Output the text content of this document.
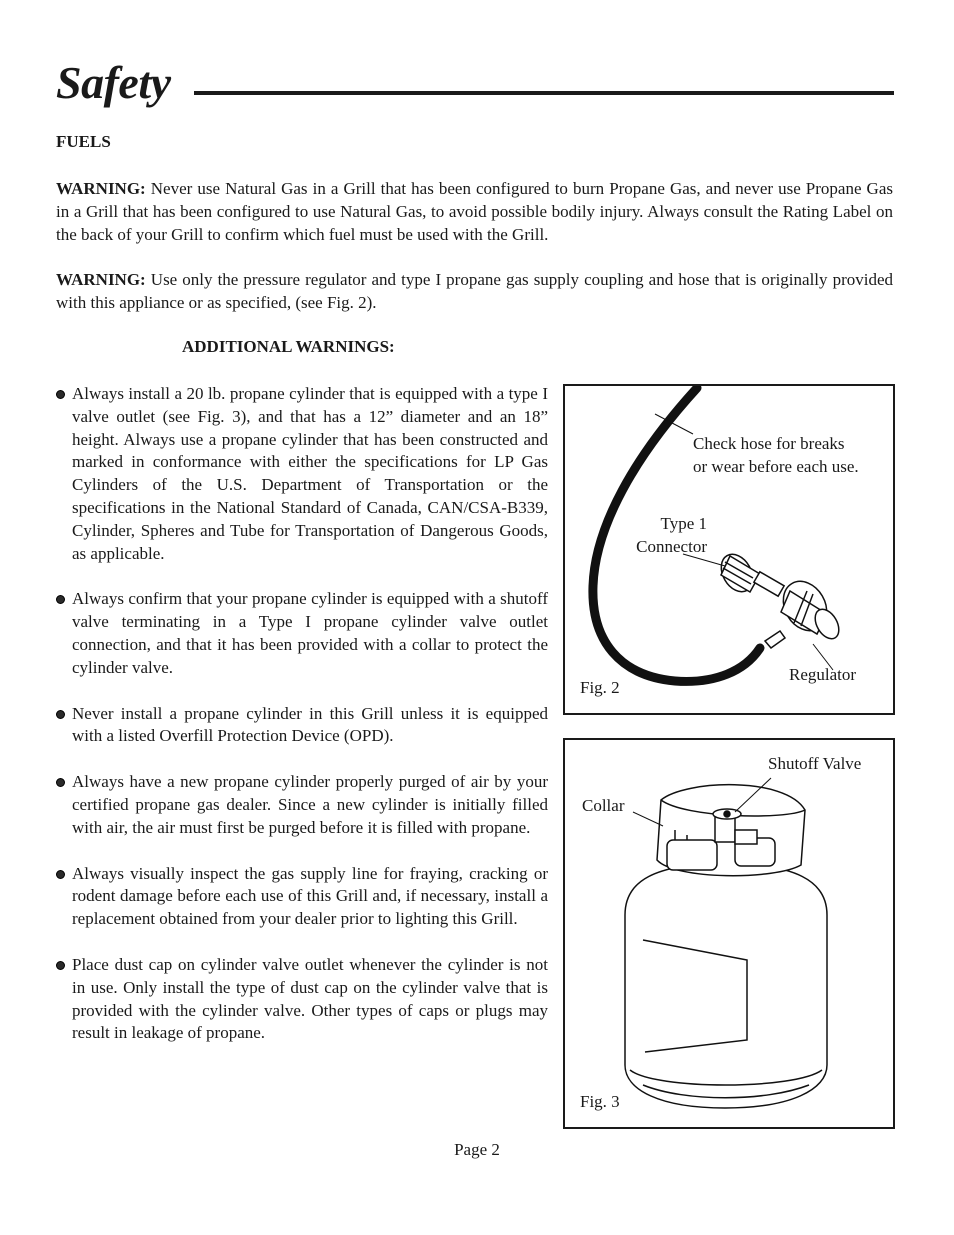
Safety
FUELS

WARNING: Never use Natural Gas in a Grill that has been configured to burn Propane Gas, and never use Propane Gas in a Grill that has been configured to use Natural Gas, to avoid possible bodily injury. Always consult the Rating Label on the back of your Grill to confirm which fuel must be used with the Grill.

WARNING: Use only the pressure regulator and type I propane gas supply coupling and hose that is originally provided with this appliance or as specified, (see Fig. 2).

ADDITIONAL WARNINGS:
Always install a 20 lb. propane cylinder that is equipped with a type I valve outlet (see Fig. 3), and that has a 12” diameter and an 18” height. Always use a propane cylinder that has been constructed and marked in conformance with either the specifications for LP Gas Cylinders of the U.S. Department of Transportation or the specifications in the National Standard of Canada, CAN/CSA-B339, Cylinder, Spheres and Tube for Transportation of Dangerous Goods, as applicable.
Always confirm that your propane cylinder is equipped with a shutoff valve terminating in a Type I propane cylinder valve outlet connection, and that it has been provided with a collar to protect the cylinder valve.
Never install a propane cylinder in this Grill unless it is equipped with a listed Overfill Protection Device (OPD).
Always have a new propane cylinder properly purged of air by your certified propane gas dealer. Since a new cylinder is initially filled with air, the air must first be purged before it is filled with propane.
Always visually inspect the gas supply line for fraying, cracking or rodent damage before each use of this Grill and, if necessary, install a replacement obtained from your dealer prior to lighting this Grill.
Place dust cap on cylinder valve outlet whenever the cylinder is not in use. Only install the type of dust cap on the cylinder valve that is provided with the cylinder valve. Other types of caps or plugs may result in leakage of propane.
Check hose for breaks
or wear before each use.
Type 1
Connector
Regulator
Fig. 2
Shutoff Valve
Collar
Fig. 3
Page 2
